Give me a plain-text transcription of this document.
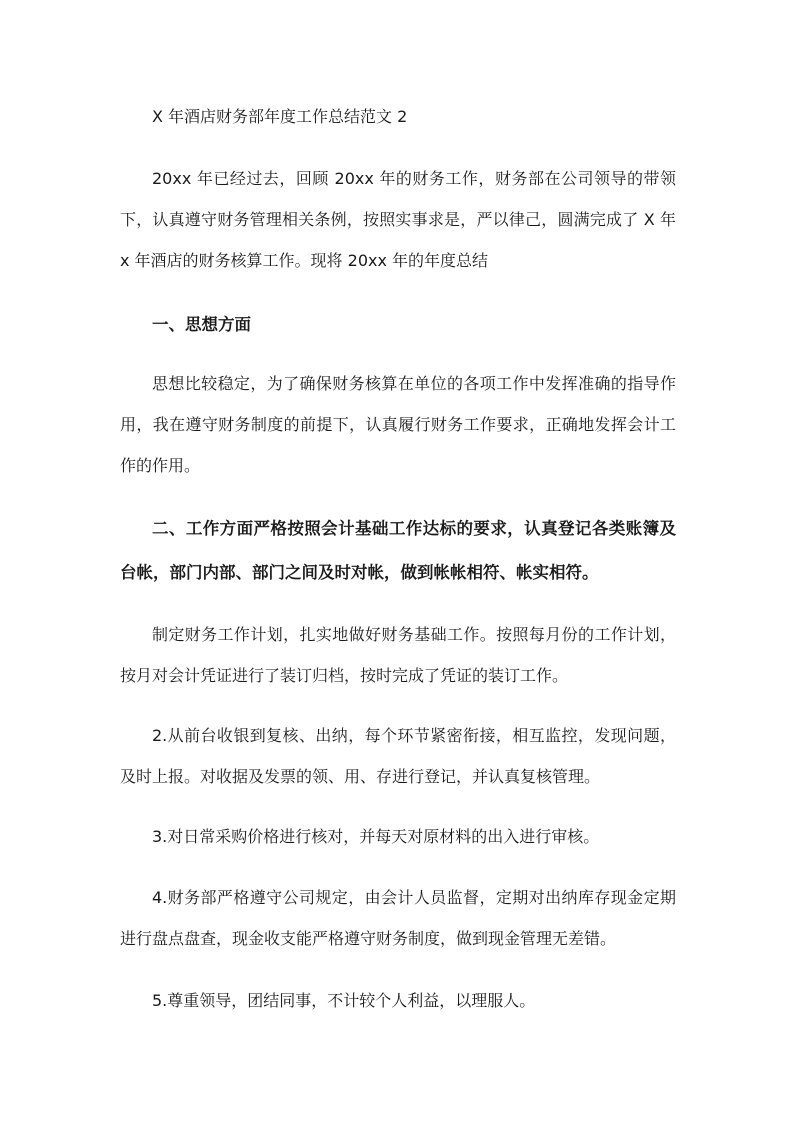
X 年酒店财务部年度工作总结范文 2

20xx 年已经过去，回顾 20xx 年的财务工作，财务部在公司领导的带领下，认真遵守财务管理相关条例，按照实事求是，严以律己，圆满完成了 X 年 x 年酒店的财务核算工作。现将 20xx 年的年度总结

一、思想方面

思想比较稳定，为了确保财务核算在单位的各项工作中发挥准确的指导作用，我在遵守财务制度的前提下，认真履行财务工作要求，正确地发挥会计工作的作用。

二、工作方面严格按照会计基础工作达标的要求，认真登记各类账簿及台帐，部门内部、部门之间及时对帐，做到帐帐相符、帐实相符。

制定财务工作计划，扎实地做好财务基础工作。按照每月份的工作计划，按月对会计凭证进行了装订归档，按时完成了凭证的装订工作。

2.从前台收银到复核、出纳，每个环节紧密衔接，相互监控，发现问题，及时上报。对收据及发票的领、用、存进行登记，并认真复核管理。

3.对日常采购价格进行核对，并每天对原材料的出入进行审核。

4.财务部严格遵守公司规定，由会计人员监督，定期对出纳库存现金定期进行盘点盘查，现金收支能严格遵守财务制度，做到现金管理无差错。

5.尊重领导，团结同事，不计较个人利益，以理服人。
